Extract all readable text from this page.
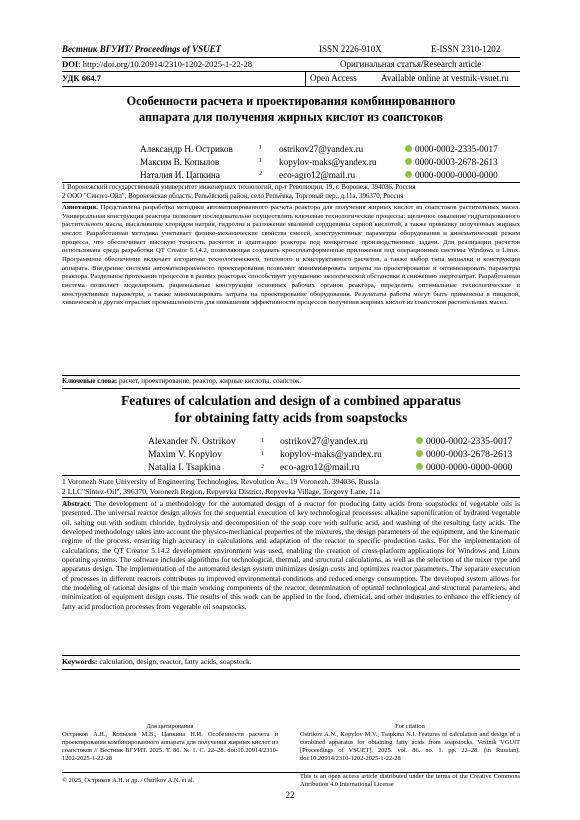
Вестник ВГУИТ/ Proceedings of VSUET	ISSN 2226-910X	E-ISSN 2310-1202
DOI: http://doi.org/10.20914/2310-1202-2025-1-22-28	Оригинальная статья/Research article
УДК 664.7	Open Access	Available online at vestnik-vsuet.ru
Особенности расчета и проектирования комбинированного
аппарата для получения жирных кислот из соапстоков
Александр Н. Остриков	1 ostrikov27@yandex.ru	0000-0002-2335-0017
Максим В. Копылов	1 kopylov-maks@yandex.ru	0000-0003-2678-2613
Наталия И. Цапкина	2 eco-agro12@mail.ru	0000-0000-0000-0000
1 Воронежский государственный университет инженерных технологий, пр-т Революции, 19, г. Воронеж, 394036, Россия
2 ООО "Синтез-Ойл", Воронежская область, Репьёвский район, село Репьёвка, Торговый пер., д.11а, 396370, Россия
Аннотация. Представлена разработка методики автоматизированного расчета реактора для получения жирных кислот из соапстоков растительных масел. Универсальная конструкция реактора позволяет последовательно осуществлять ключевые технологические процессы: щелочное омыление гидратированного растительного масла, высаливание хлоридом натрия, гидролиз и разложение мыльной сердцевины серной кислотой, а также промывку полученных жирных кислот. Разработанная методика учитывает физико-механические свойства смесей, конструктивные параметры оборудования и кинематический режим процесса, что обеспечивает высокую точность расчетов и адаптацию реактора под конкретные производственные задачи. Для реализации расчетов использована среда разработки QT Creator 5.14.2, позволяющая создавать кроссплатформенные приложения под операционные системы Windows и Linux. Программное обеспечение включает алгоритмы технологического, теплового и конструктивного расчетов, а также выбор типа мешалки и конструкции аппарата. Внедрение системы автоматизированного проектирования позволяет минимизировать затраты на проектирование и оптимизировать параметры реактора. Раздельное протекание процессов в разных реакторах способствует улучшению экологической обстановки и снижению энергозатрат. Разработанная система позволяет моделировать рациональные конструкции основных рабочих органов реактора, определять оптимальные технологические и конструктивные параметры, а также минимизировать затраты на проектирование оборудования. Результаты работы могут быть применены в пищевой, химической и других отраслях промышленности для повышения эффективности процессов получения жирных кислот из соапстоков растительных масел.
Ключевые слова: расчет, проектирование, реактор, жирные кислоты, соапсток.
Features of calculation and design of a combined apparatus
for obtaining fatty acids from soapstocks
Alexander N. Ostrikov	1 ostrikov27@yandex.ru	0000-0002-2335-0017
Maxim V. Kopylov	1 kopylov-maks@yandex.ru	0000-0003-2678-2613
Natalia I. Tsapkina	2 eco-agro12@mail.ru	0000-0000-0000-0000
1 Voronezh State University of Engineering Technologies, Revolution Av., 19 Voronezh, 394036, Russia
2 LLC"Sintez-Oil", 396370, Voronezh Region, Repyevka District, Repyevka Village, Torgovy Lane, 11a
Abstract. The development of a methodology for the automated design of a reactor for producing fatty acids from soapstocks of vegetable oils is presented. The universal reactor design allows for the sequential execution of key technological processes: alkaline saponification of hydrated vegetable oil, salting out with sodium chloride, hydrolysis and decomposition of the soap core with sulfuric acid, and washing of the resulting fatty acids. The developed methodology takes into account the physico-mechanical properties of the mixtures, the design parameters of the equipment, and the kinematic regime of the process, ensuring high accuracy in calculations and adaptation of the reactor to specific production tasks. For the implementation of calculations, the QT Creator 5.14.2 development environment was used, enabling the creation of cross-platform applications for Windows and Linux operating systems. The software includes algorithms for technological, thermal, and structural calculations, as well as the selection of the mixer type and apparatus design. The implementation of the automated design system minimizes design costs and optimizes reactor parameters. The separate execution of processes in different reactors contributes to improved environmental conditions and reduced energy consumption. The developed system allows for the modeling of rational designs of the main working components of the reactor, determination of optimal technological and structural parameters, and minimization of equipment design costs. The results of this work can be applied in the food, chemical, and other industries to enhance the efficiency of fatty acid production processes from vegetable oil soapstocks.
Keywords: calculation, design, reactor, fatty acids, soapstock.
Для цитирования
Остриков А.Н., Копылов М.В., Цапкина Н.И. Особенности расчета и проектирования комбинированного аппарата для получения жирных кислот из соапстоков // Вестник ВГУИТ. 2025. Т. 86. № 1. С. 22–28. doi:10.20914/2310-1202-2025-1-22-28
For citation
Ostrikov A.N., Kopylov M.V., Tsapkina N.I. Features of calculation and design of a combined apparatus for obtaining fatty acids from soapstocks. Vestnik VGUIT [Proceedings of VSUET]. 2025. vol. 86. no. 1. pp. 22–28. (in Russian). doi:10.20914/2310-1202-2025-1-22-28
© 2025, Остриков А.Н. и др. / Ostrikov A.N. et al.
This is an open access article distributed under the terms of the Creative Commons Attribution 4.0 International License
22
